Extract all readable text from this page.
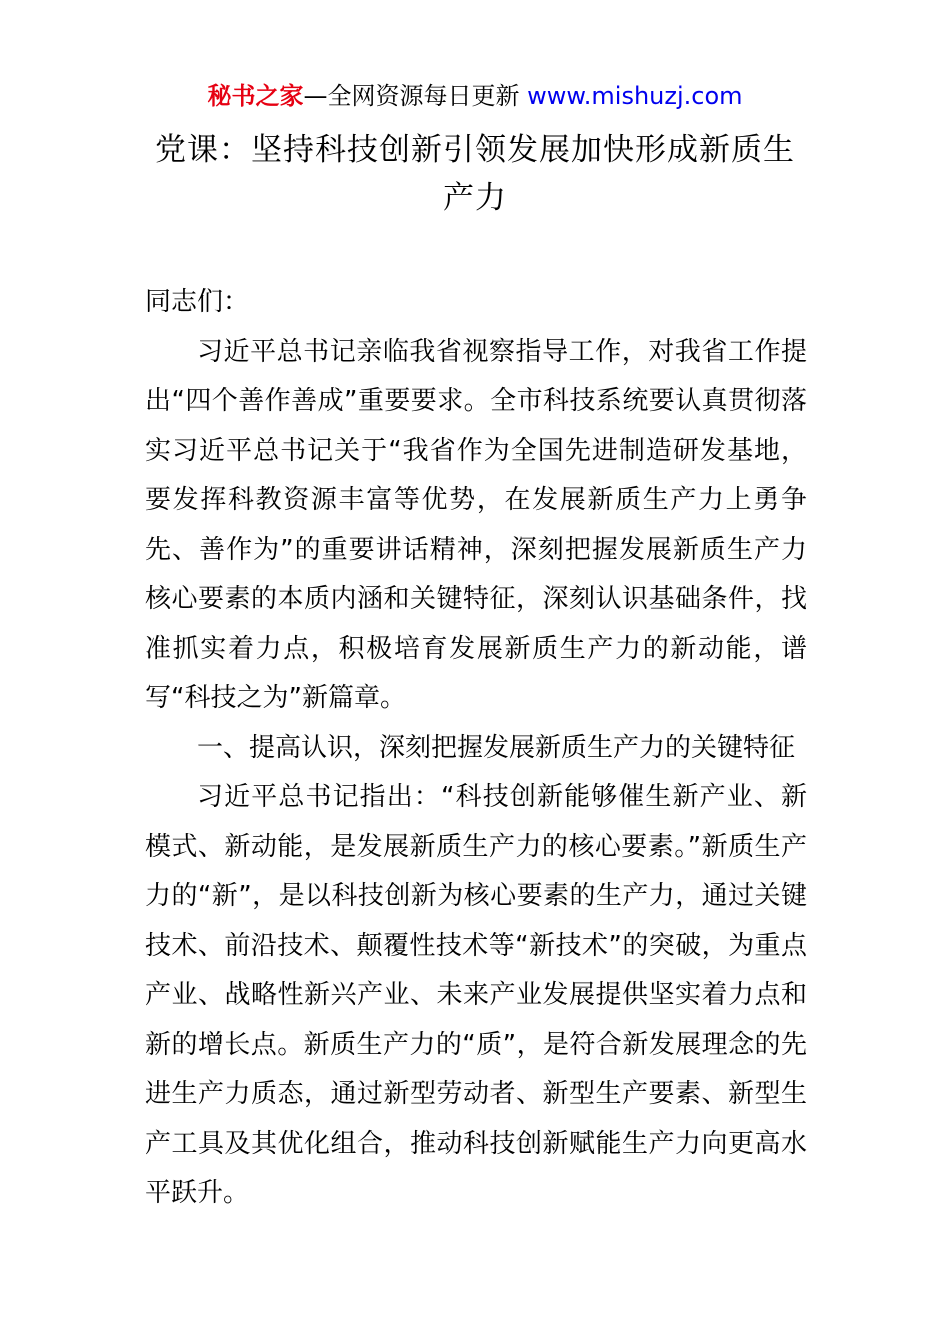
秘书之家—全网资源每日更新 www.mishuzj.com
党课：坚持科技创新引领发展加快形成新质生产力

同志们：

习近平总书记亲临我省视察指导工作，对我省工作提出“四个善作善成”重要要求。全市科技系统要认真贯彻落实习近平总书记关于“我省作为全国先进制造研发基地，要发挥科教资源丰富等优势，在发展新质生产力上勇争先、善作为”的重要讲话精神，深刻把握发展新质生产力核心要素的本质内涵和关键特征，深刻认识基础条件，找准抓实着力点，积极培育发展新质生产力的新动能，谱写“科技之为”新篇章。

一、提高认识，深刻把握发展新质生产力的关键特征

习近平总书记指出：“科技创新能够催生新产业、新模式、新动能，是发展新质生产力的核心要素。”新质生产力的“新”，是以科技创新为核心要素的生产力，通过关键技术、前沿技术、颠覆性技术等“新技术”的突破，为重点产业、战略性新兴产业、未来产业发展提供坚实着力点和新的增长点。新质生产力的“质”，是符合新发展理念的先进生产力质态，通过新型劳动者、新型生产要素、新型生产工具及其优化组合，推动科技创新赋能生产力向更高水平跃升。
